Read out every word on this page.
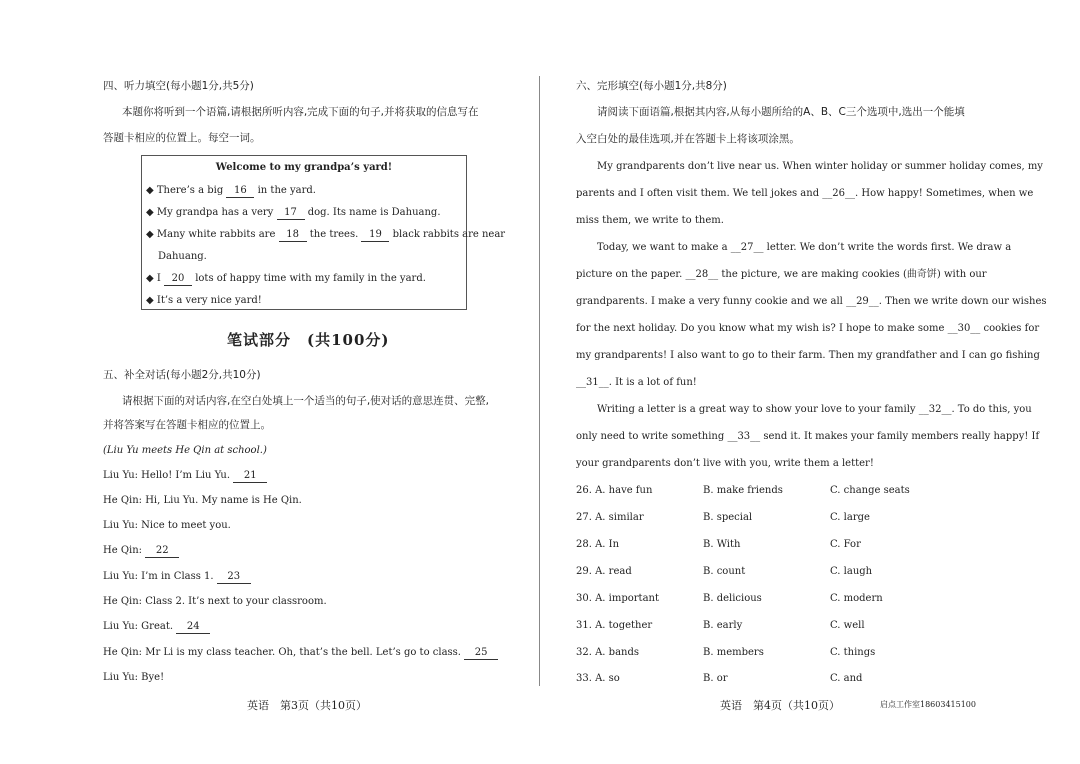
四、听力填空(每小题1分,共5分)
本题你将听到一个语篇,请根据所听内容,完成下面的句子,并将获取的信息写在
答题卡相应的位置上。每空一词。
Welcome to my grandpa’s yard!
◆ There’s a big 16 in the yard.
◆ My grandpa has a very 17 dog. Its name is Dahuang.
◆ Many white rabbits are 18 the trees. 19 black rabbits are near
Dahuang.
◆ I 20 lots of happy time with my family in the yard.
◆ It’s a very nice yard!
笔试部分　(共100分)
五、补全对话(每小题2分,共10分)
请根据下面的对话内容,在空白处填上一个适当的句子,使对话的意思连贯、完整,
并将答案写在答题卡相应的位置上。
(Liu Yu meets He Qin at school.)
Liu Yu: Hello! I’m Liu Yu. 21
He Qin: Hi, Liu Yu. My name is He Qin.
Liu Yu: Nice to meet you.
He Qin: 22
Liu Yu: I’m in Class 1. 23
He Qin: Class 2. It’s next to your classroom.
Liu Yu: Great. 24
He Qin: Mr Li is my class teacher. Oh, that’s the bell. Let’s go to class. 25
Liu Yu: Bye!
英语　第3页（共10页）
六、完形填空(每小题1分,共8分)
请阅读下面语篇,根据其内容,从每小题所给的A、B、C三个选项中,选出一个能填
入空白处的最佳选项,并在答题卡上将该项涂黑。
My grandparents don’t live near us. When winter holiday or summer holiday comes, my
parents and I often visit them. We tell jokes and __26__. How happy! Sometimes, when we
miss them, we write to them.
Today, we want to make a __27__ letter. We don’t write the words first. We draw a
picture on the paper. __28__ the picture, we are making cookies (曲奇饼) with our
grandparents. I make a very funny cookie and we all __29__. Then we write down our wishes
for the next holiday. Do you know what my wish is? I hope to make some __30__ cookies for
my grandparents! I also want to go to their farm. Then my grandfather and I can go fishing
__31__. It is a lot of fun!
Writing a letter is a great way to show your love to your family __32__. To do this, you
only need to write something __33__ send it. It makes your family members really happy! If
your grandparents don’t live with you, write them a letter!
26. A. have fun	B. make friends	C. change seats
27. A. similar	B. special	C. large
28. A. In	B. With	C. For
29. A. read	B. count	C. laugh
30. A. important	B. delicious	C. modern
31. A. together	B. early	C. well
32. A. bands	B. members	C. things
33. A. so	B. or	C. and
英语　第4页（共10页）	启点工作室18603415100
